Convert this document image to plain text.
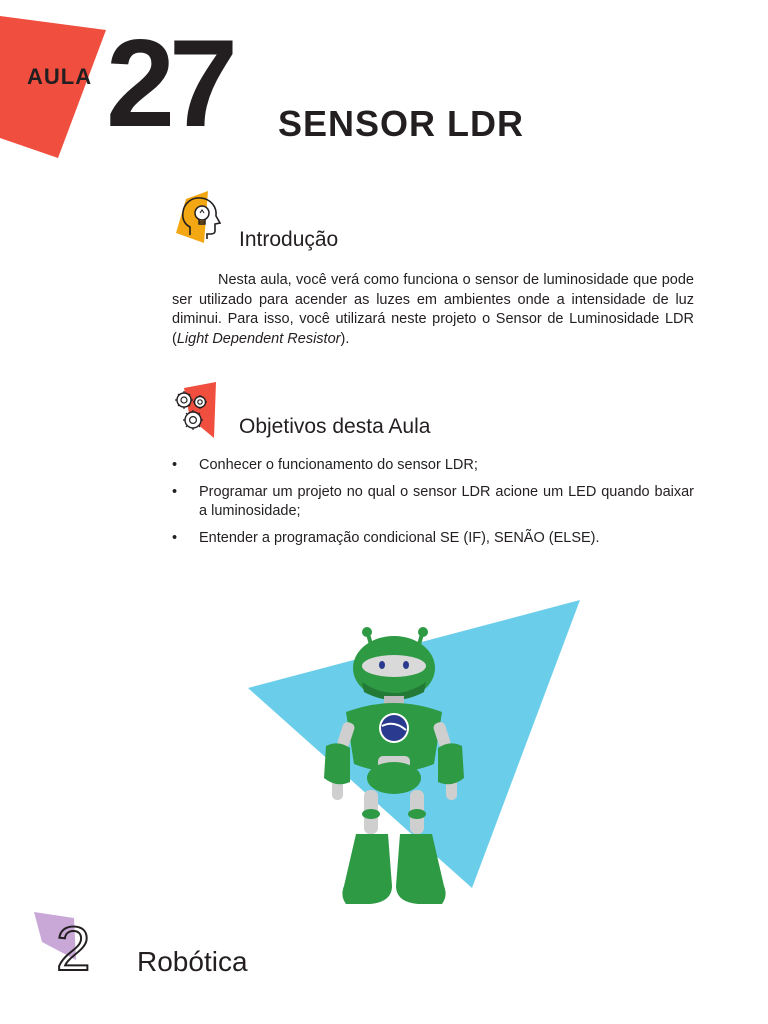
AULA 27 SENSOR LDR
Introdução
Nesta aula, você verá como funciona o sensor de luminosidade que pode ser utilizado para acender as luzes em ambientes onde a intensidade de luz diminui. Para isso, você utilizará neste projeto o Sensor de Luminosidade LDR (Light Dependent Resistor).
Objetivos desta Aula
• Conhecer o funcionamento do sensor LDR;
• Programar um projeto no qual o sensor LDR acione um LED quando baixar a luminosidade;
• Entender a programação condicional SE (IF), SENÃO (ELSE).
2 Robótica
